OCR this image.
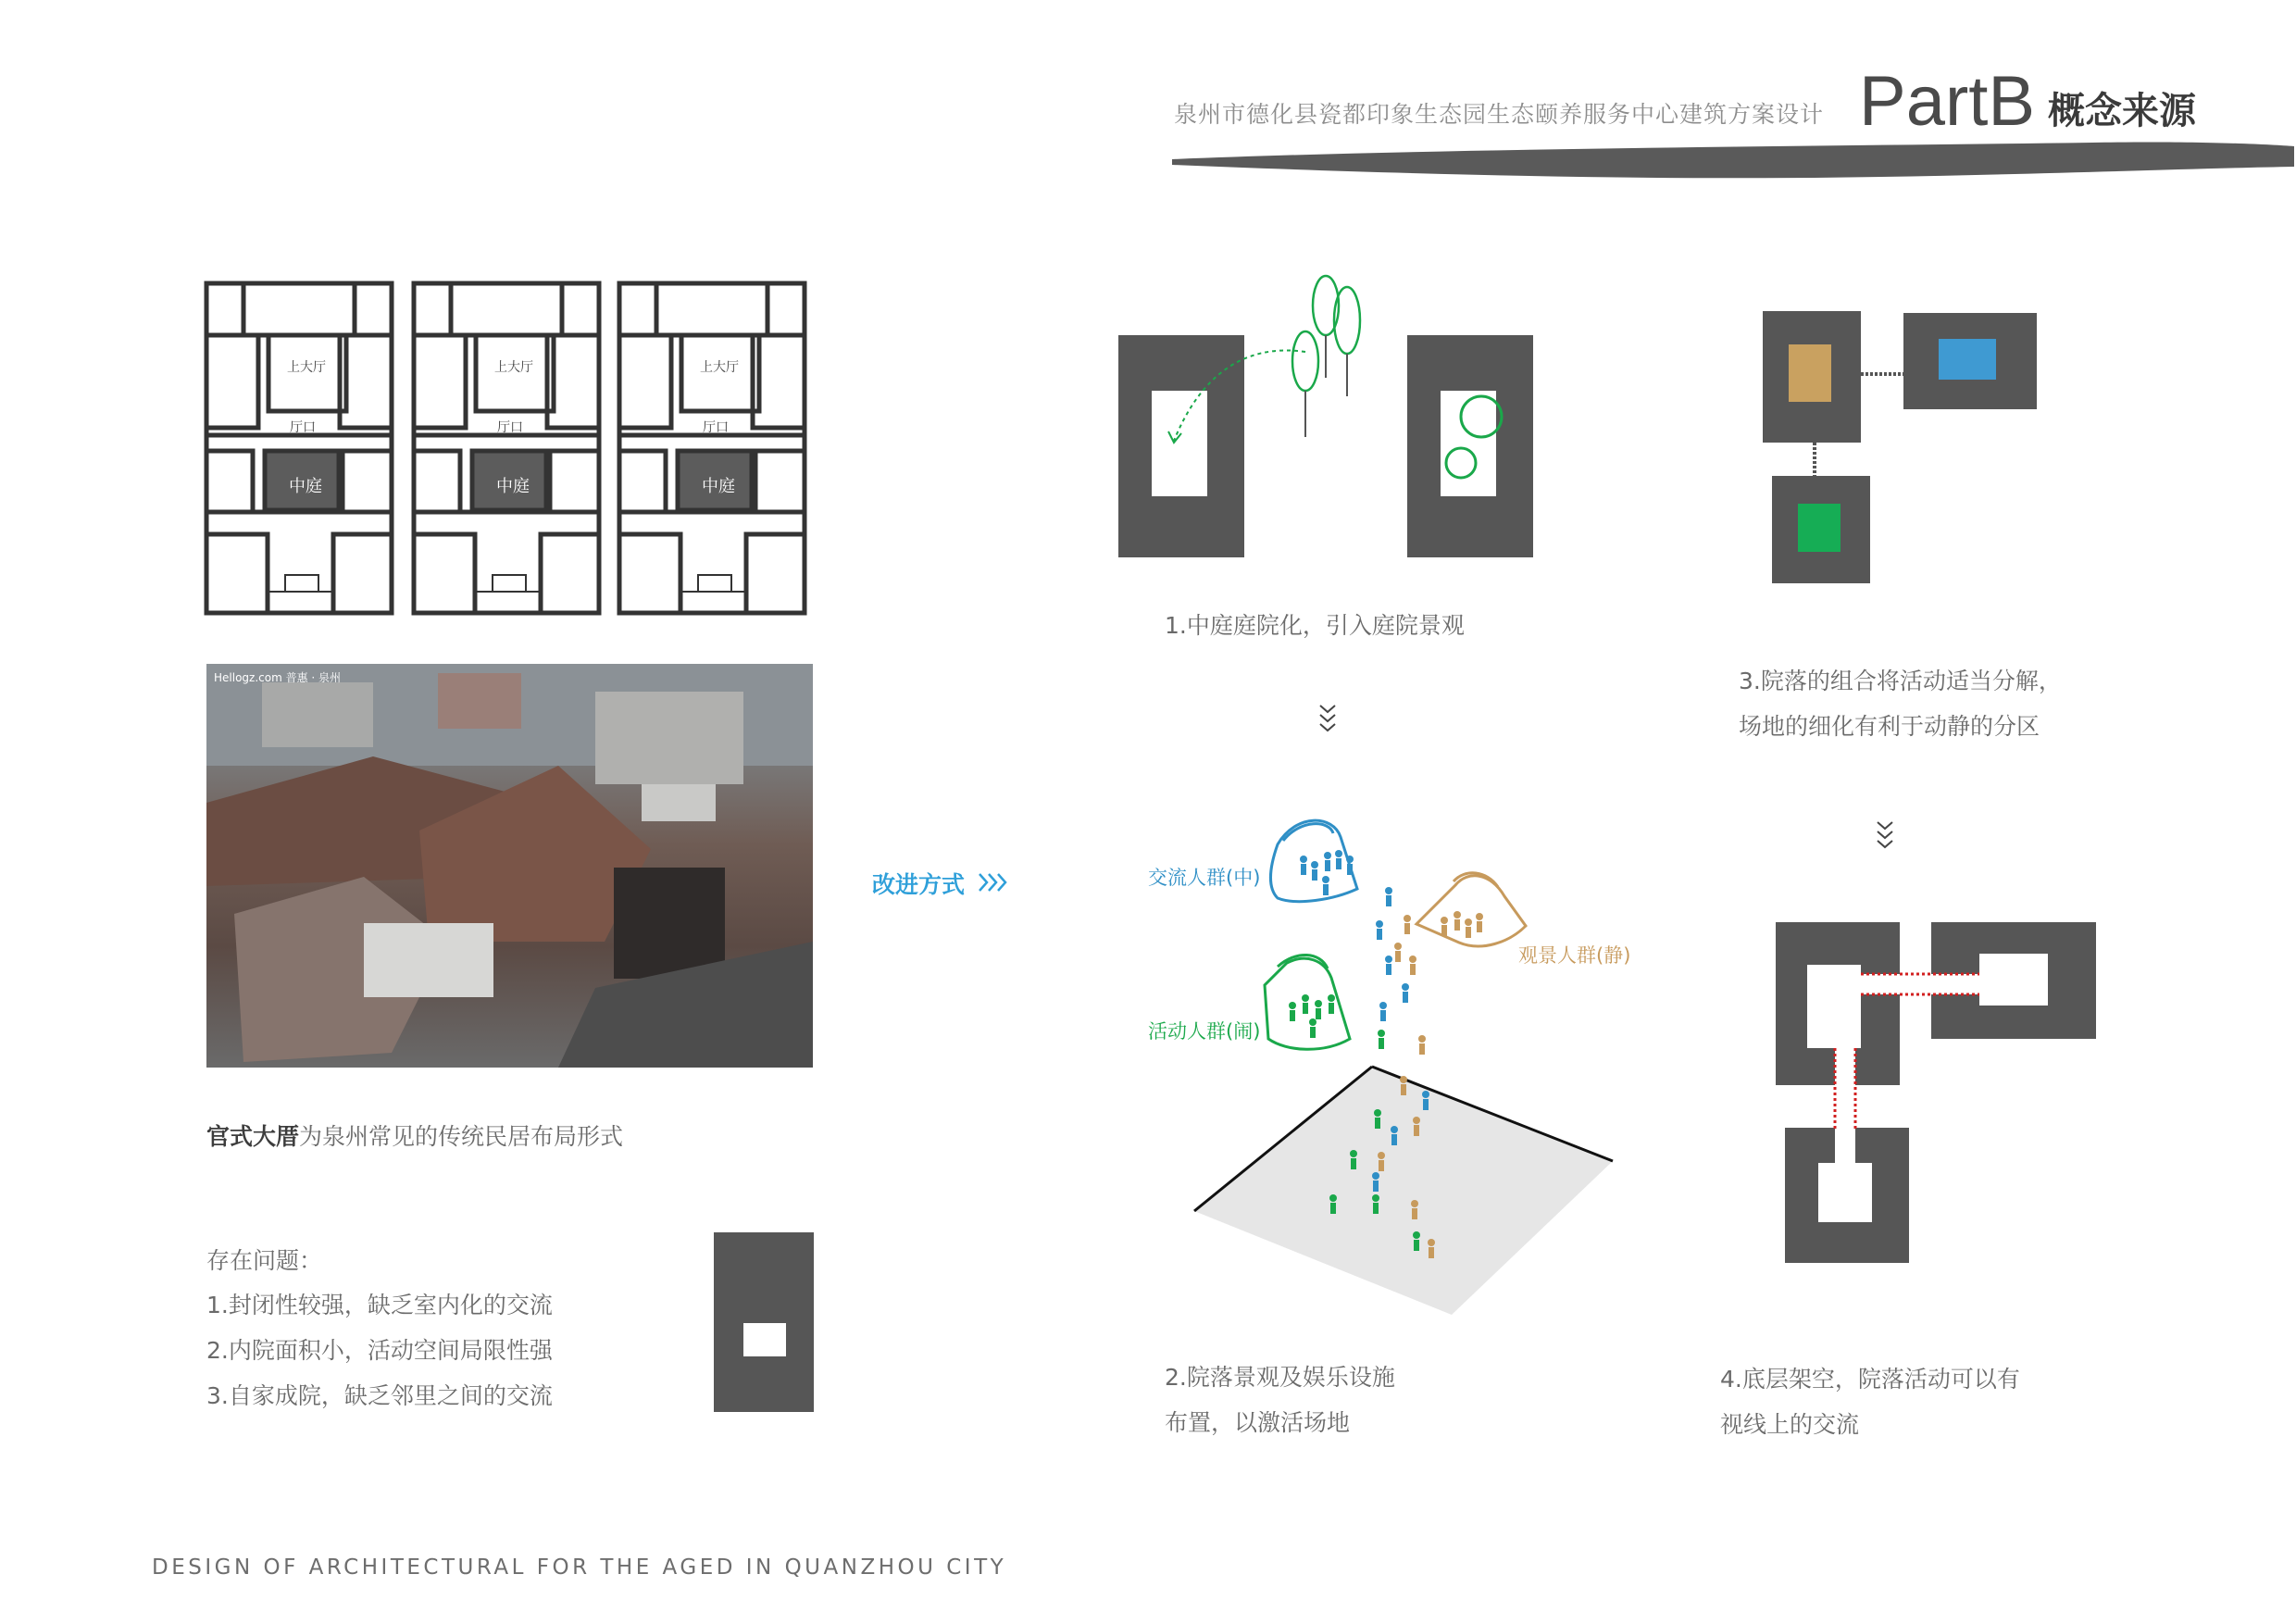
泉州市德化县瓷都印象生态园生态颐养服务中心建筑方案设计 PartB 概念来源
上大厅	上大厅	上大厅
厅口	厅口	厅口
中庭	中庭	中庭
Hellogz.com 普惠 · 泉州
官式大厝为泉州常见的传统民居布局形式
存在问题：
1.封闭性较强，缺乏室内化的交流
2.内院面积小，活动空间局限性强
3.自家成院，缺乏邻里之间的交流
改进方式
1.中庭庭院化，引入庭院景观
交流人群(中)
观景人群(静)
活动人群(闹)
2.院落景观及娱乐设施
布置，以激活场地
3.院落的组合将活动适当分解，
场地的细化有利于动静的分区
4.底层架空，院落活动可以有
视线上的交流
DESIGN OF ARCHITECTURAL FOR THE AGED IN QUANZHOU CITY
